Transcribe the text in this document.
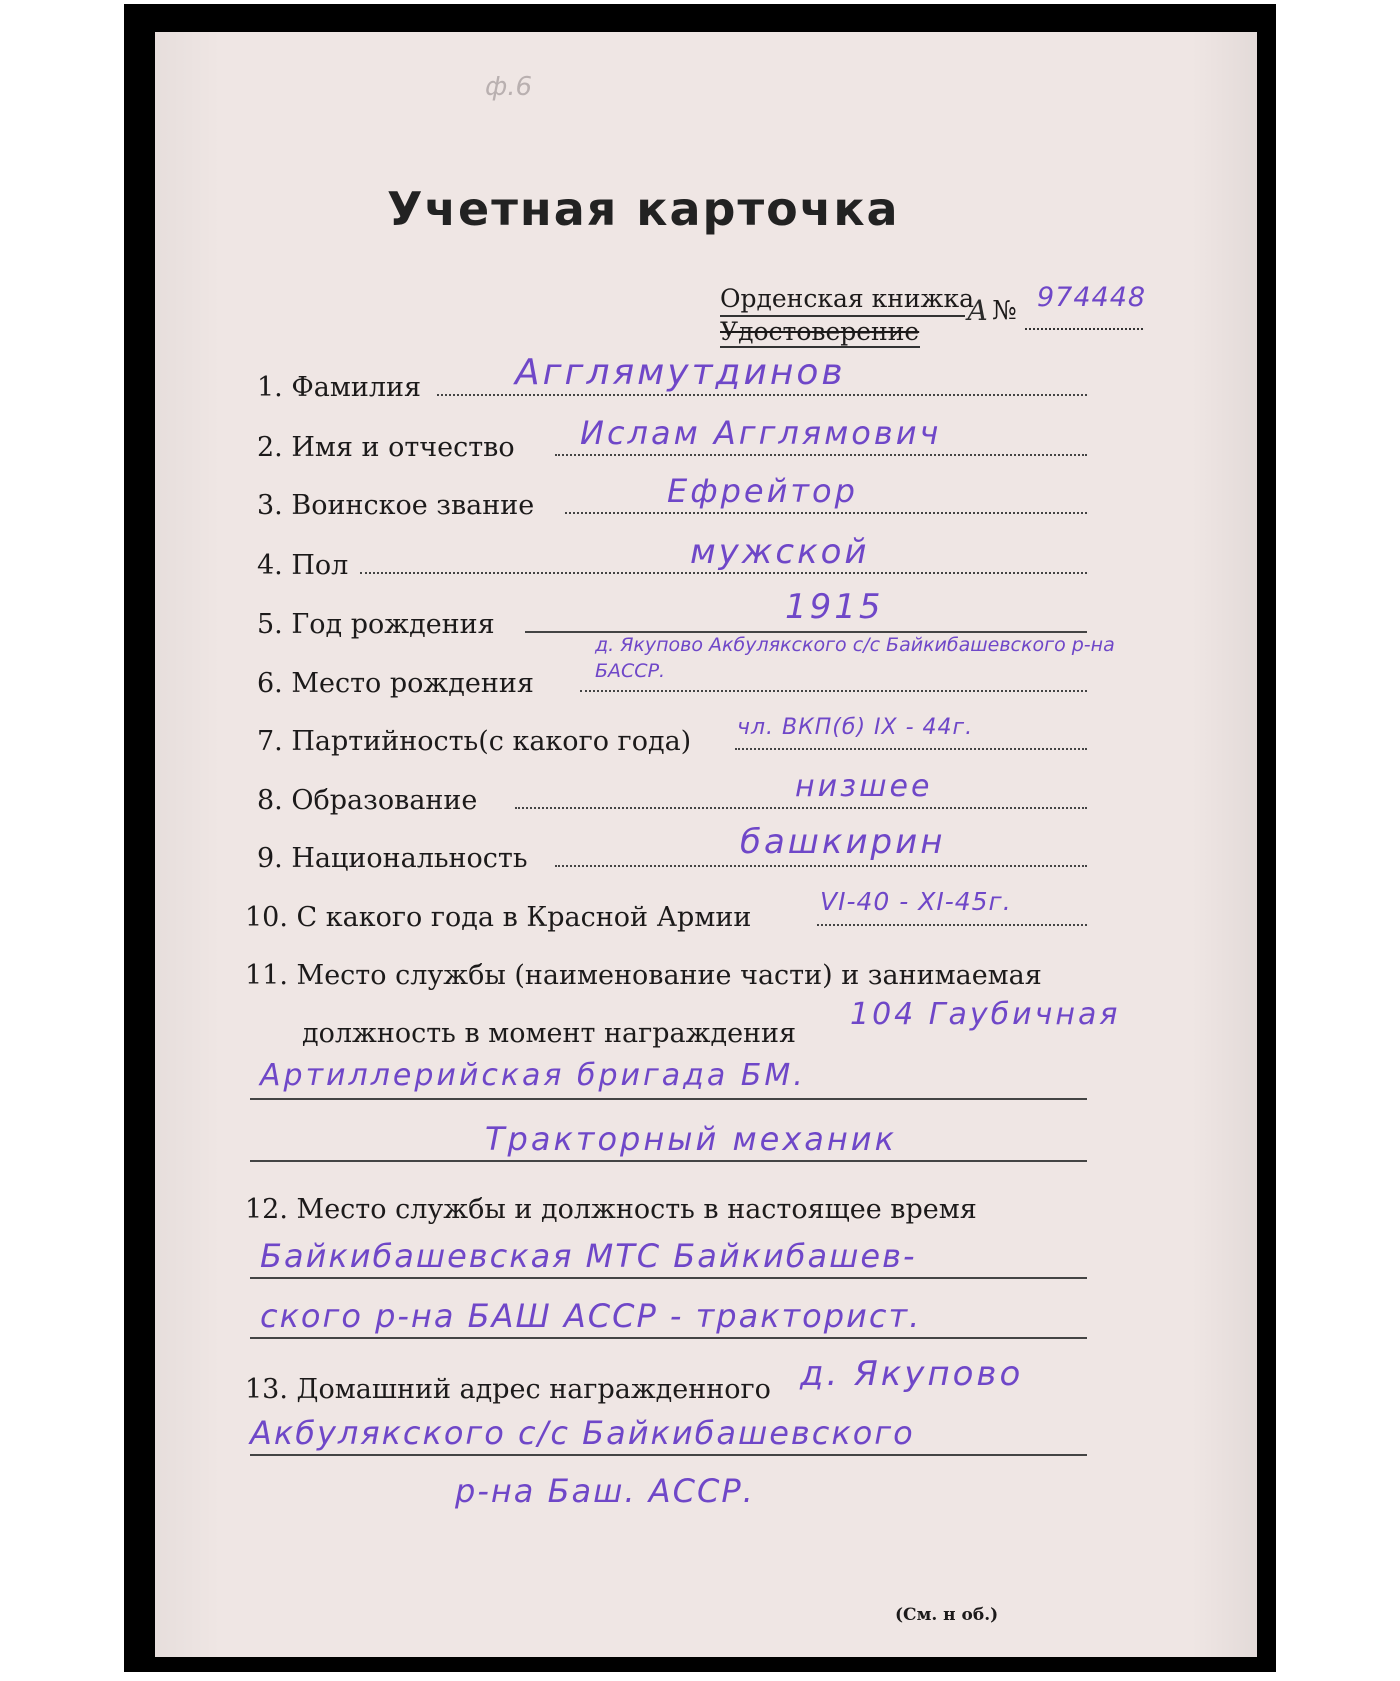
ф.6
Учетная карточка
Орденская книжка
Удостоверение
А № 974448
1. Фамилия	Агглямутдинов
2. Имя и отчество Ислам Агглямович
3. Воинское звание	Ефрейтор
4. Пол	мужской
5. Год рождения	1915
6. Место рождения
д. Якупово Акбулякского с/с Байкибашевского р-на БАССР.
7. Партийность(с какого года) чл. ВКП(б) IX - 44г.
8. Образование	низшее
9. Национальность	башкирин
10. С какого года в Красной Армии
VI-40 - XI-45г.
11. Место службы (наименование части) и занимаемая
должность в момент награждения
104 Гаубичная
Артиллерийская бригада БМ.
Тракторный механик
12. Место службы и должность в настоящее время
Байкибашевская МТС Байкибашев-
ского р-на БАШ АССР - тракторист.
13. Домашний адрес награжденного д. Якупово
Акбулякского с/с Байкибашевского
р-на Баш. АССР.
(См. н об.)
